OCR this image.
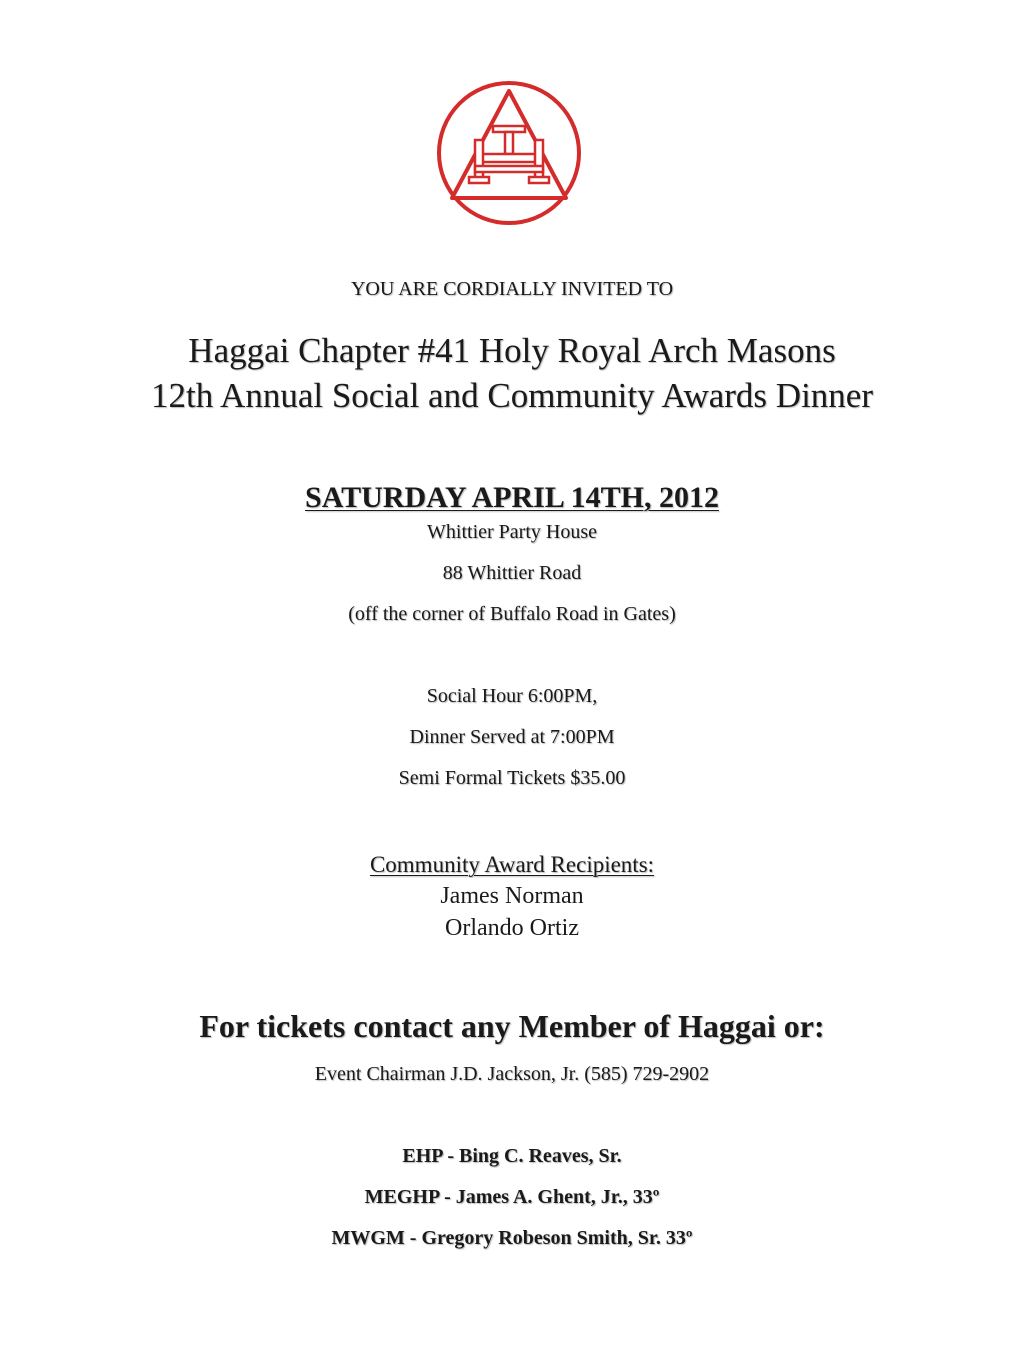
YOU ARE CORDIALLY INVITED TO
Haggai Chapter #41 Holy Royal Arch Masons
12th Annual Social and Community Awards Dinner
SATURDAY APRIL 14TH, 2012
Whittier Party House
88 Whittier Road
(off the corner of Buffalo Road in Gates)
Social Hour 6:00PM,
Dinner Served at 7:00PM
Semi Formal Tickets $35.00
Community Award Recipients:
James Norman
Orlando Ortiz
For tickets contact any Member of Haggai or:
Event Chairman J.D. Jackson, Jr. (585) 729-2902
EHP - Bing C. Reaves, Sr.
MEGHP - James A. Ghent, Jr., 33º
MWGM - Gregory Robeson Smith, Sr. 33º
